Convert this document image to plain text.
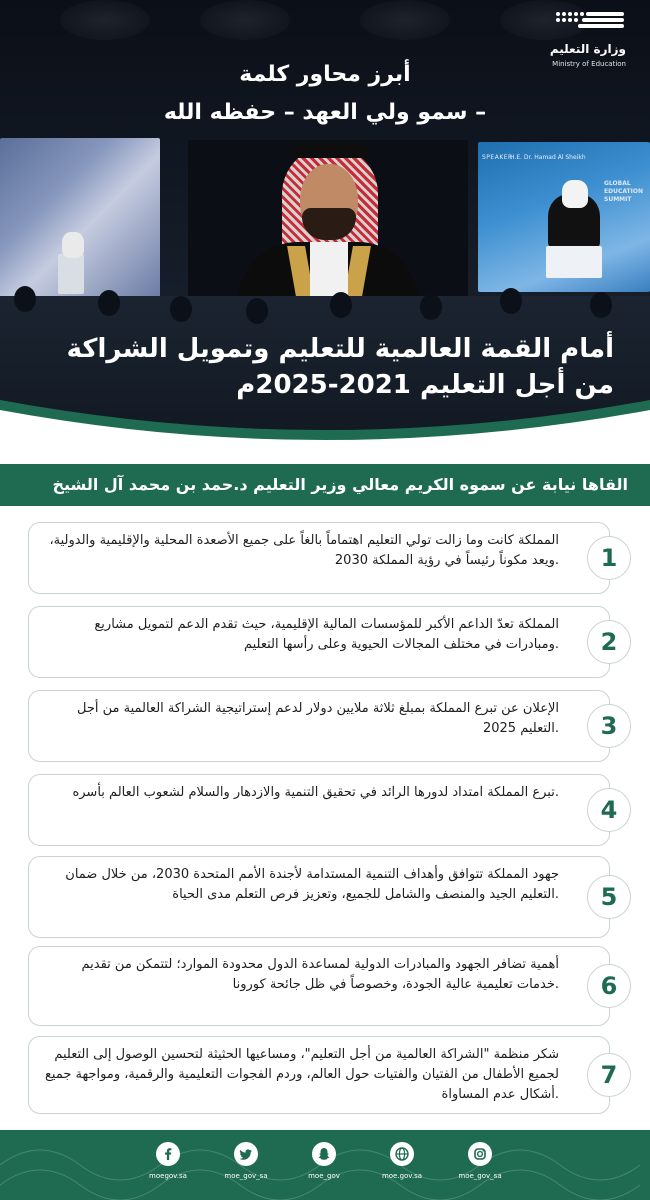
SPEAKER
H.E. Dr. Hamad Al Sheikh
GLOBAL EDUCATION SUMMIT
أبرز محاور كلمة
سمو ولي العهد – حفظه الله –
أمام القمة العالمية للتعليم وتمويل الشراكة
من أجل التعليم 2021-2025م
وزارة التعليم
Ministry of Education
القاها نيابة عن سموه الكريم معالي وزير التعليم د.حمد بن محمد آل الشيخ
المملكة كانت وما زالت تولي التعليم اهتماماً بالغاً على جميع الأصعدة المحلية والإقليمية والدولية، ويعد مكوناً رئيساً في رؤية المملكة 2030.	1
المملكة تعدّ الداعم الأكبر للمؤسسات المالية الإقليمية، حيث تقدم الدعم لتمويل مشاريع ومبادرات في مختلف المجالات الحيوية وعلى رأسها التعليم.	2
الإعلان عن تبرع المملكة بمبلغ ثلاثة ملايين دولار لدعم إستراتيجية الشراكة العالمية من أجل التعليم 2025.	3
تبرع المملكة امتداد لدورها الرائد في تحقيق التنمية والازدهار والسلام لشعوب العالم بأسره.
4
جهود المملكة تتوافق وأهداف التنمية المستدامة لأجندة الأمم المتحدة 2030، من خلال ضمان التعليم الجيد والمنصف والشامل للجميع، وتعزيز فرص التعلم مدى الحياة.	5
أهمية تضافر الجهود والمبادرات الدولية لمساعدة الدول محدودة الموارد؛ لتتمكن من تقديم خدمات تعليمية عالية الجودة، وخصوصاً في ظل جائحة كورونا.	6
شكر منظمة "الشراكة العالمية من أجل التعليم"، ومساعيها الحثيثة لتحسين الوصول إلى التعليم لجميع الأطفال من الفتيان والفتيات حول العالم، وردم الفجوات التعليمية والرقمية، ومواجهة جميع أشكال عدم المساواة.
7
moe_gov_sa
moe.gov.sa
moe_gov
moe_gov_sa
moegov.sa
